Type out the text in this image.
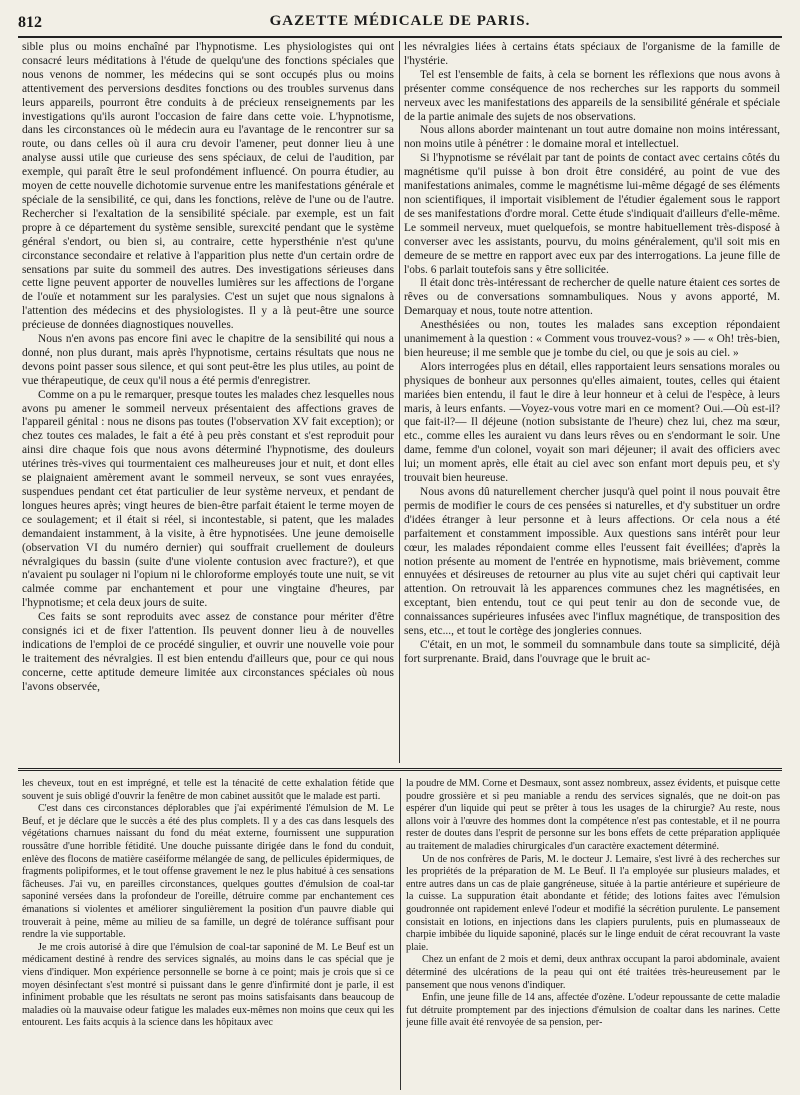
812	GAZETTE MÉDICALE DE PARIS.

sible plus ou moins enchaîné par l'hypnotisme. Les physiologistes qui ont consacré leurs méditations à l'étude de quelqu'une des fonctions spéciales que nous venons de nommer, les médecins qui se sont occupés plus ou moins attentivement des perversions desdites fonctions ou des troubles survenus dans leurs appareils, pourront être conduits à de précieux renseignements par les investigations qu'ils auront l'occasion de faire dans cette voie. L'hypnotisme, dans les circonstances où le médecin aura eu l'avantage de le rencontrer sur sa route, ou dans celles où il aura cru devoir l'amener, peut donner lieu à une analyse aussi utile que curieuse des sens spéciaux, de celui de l'audition, par exemple, qui paraît être le seul profondément influencé. On pourra étudier, au moyen de cette nouvelle dichotomie survenue entre les manifestations générale et spéciale de la sensibilité, ce qui, dans les fonctions, relève de l'une ou de l'autre. Rechercher si l'exaltation de la sensibilité spéciale. par exemple, est un fait propre à ce département du système sensible, surexcité pendant que le système général s'endort, ou bien si, au contraire, cette hypersthénie n'est qu'une circonstance secondaire et relative à l'apparition plus nette d'un certain ordre de sensations par suite du sommeil des autres. Des investigations sérieuses dans cette ligne peuvent apporter de nouvelles lumières sur les affections de l'organe de l'ouïe et notamment sur les paralysies. C'est un sujet que nous signalons à l'attention des médecins et des physiologistes. Il y a là peut-être une source précieuse de données diagnostiques nouvelles.

Nous n'en avons pas encore fini avec le chapitre de la sensibilité qui nous a donné, non plus durant, mais après l'hypnotisme, certains résultats que nous ne devons point passer sous silence, et qui sont peut-être les plus utiles, au point de vue thérapeutique, de ceux qu'il nous a été permis d'enregistrer.

Comme on a pu le remarquer, presque toutes les malades chez lesquelles nous avons pu amener le sommeil nerveux présentaient des affections graves de l'appareil génital : nous ne disons pas toutes (l'observation XV fait exception); or chez toutes ces malades, le fait a été à peu près constant et s'est reproduit pour ainsi dire chaque fois que nous avons déterminé l'hypnotisme, des douleurs utérines très-vives qui tourmentaient ces malheureuses jour et nuit, et dont elles se plaignaient amèrement avant le sommeil nerveux, se sont vues enrayées, suspendues pendant cet état particulier de leur système nerveux, et pendant de longues heures après; vingt heures de bien-être parfait étaient le terme moyen de ce soulagement; et il était si réel, si incontestable, si patent, que les malades demandaient instamment, à la visite, à être hypnotisées. Une jeune demoiselle (observation VI du numéro dernier) qui souffrait cruellement de douleurs névralgiques du bassin (suite d'une violente contusion avec fracture?), et que n'avaient pu soulager ni l'opium ni le chloroforme employés toute une nuit, se vit calmée comme par enchantement et pour une vingtaine d'heures, par l'hypnotisme; et cela deux jours de suite.

Ces faits se sont reproduits avec assez de constance pour mériter d'être consignés ici et de fixer l'attention. Ils peuvent donner lieu à de nouvelles indications de l'emploi de ce procédé singulier, et ouvrir une nouvelle voie pour le traitement des névralgies. Il est bien entendu d'ailleurs que, pour ce qui nous concerne, cette aptitude demeure limitée aux circonstances spéciales où nous l'avons observée,

les névralgies liées à certains états spéciaux de l'organisme de la famille de l'hystérie.

Tel est l'ensemble de faits, à cela se bornent les réflexions que nous avons à présenter comme conséquence de nos recherches sur les rapports du sommeil nerveux avec les manifestations des appareils de la sensibilité générale et spéciale de la partie animale des sujets de nos observations.

Nous allons aborder maintenant un tout autre domaine non moins intéressant, non moins utile à pénétrer : le domaine moral et intellectuel.

Si l'hypnotisme se révélait par tant de points de contact avec certains côtés du magnétisme qu'il puisse à bon droit être considéré, au point de vue des manifestations animales, comme le magnétisme lui-même dégagé de ses éléments non scientifiques, il importait visiblement de l'étudier également sous le rapport de ses manifestations d'ordre moral. Cette étude s'indiquait d'ailleurs d'elle-même. Le sommeil nerveux, muet quelquefois, se montre habituellement très-disposé à converser avec les assistants, pourvu, du moins généralement, qu'il soit mis en demeure de se mettre en rapport avec eux par des interrogations. La jeune fille de l'obs. 6 parlait toutefois sans y être sollicitée.

Il était donc très-intéressant de rechercher de quelle nature étaient ces sortes de rêves ou de conversations somnambuliques. Nous y avons apporté, M. Demarquay et nous, toute notre attention.

Anesthésiées ou non, toutes les malades sans exception répondaient unanimement à la question : « Comment vous trouvez-vous? » — « Oh! très-bien, bien heureuse; il me semble que je tombe du ciel, ou que je sois au ciel. »

Alors interrogées plus en détail, elles rapportaient leurs sensations morales ou physiques de bonheur aux personnes qu'elles aimaient, toutes, celles qui étaient mariées bien entendu, il faut le dire à leur honneur et à celui de l'espèce, à leurs maris, à leurs enfants. —Voyez-vous votre mari en ce moment? Oui.—Où est-il? que fait-il?— Il déjeune (notion subsistante de l'heure) chez lui, chez ma sœur, etc., comme elles les auraient vu dans leurs rêves ou en s'endormant le soir. Une dame, femme d'un colonel, voyait son mari déjeuner; il avait des officiers avec lui; un moment après, elle était au ciel avec son enfant mort depuis peu, et s'y trouvait bien heureuse.

Nous avons dû naturellement chercher jusqu'à quel point il nous pouvait être permis de modifier le cours de ces pensées si naturelles, et d'y substituer un ordre d'idées étranger à leur personne et à leurs affections. Or cela nous a été parfaitement et constamment impossible. Aux questions sans intérêt pour leur cœur, les malades répondaient comme elles l'eussent fait éveillées; d'après la notion présente au moment de l'entrée en hypnotisme, mais brièvement, comme ennuyées et désireuses de retourner au plus vite au sujet chéri qui captivait leur attention. On retrouvait là les apparences communes chez les magnétisées, en exceptant, bien entendu, tout ce qui peut tenir au don de seconde vue, de connaissances supérieures infusées avec l'influx magnétique, de transposition des sens, etc..., et tout le cortège des jongleries connues.

C'était, en un mot, le sommeil du somnambule dans toute sa simplicité, déjà fort surprenante. Braid, dans l'ouvrage que le bruit ac-

les cheveux, tout en est imprégné, et telle est la ténacité de cette exhalation fétide que souvent je suis obligé d'ouvrir la fenêtre de mon cabinet aussitôt que le malade est parti.

C'est dans ces circonstances déplorables que j'ai expérimenté l'émulsion de M. Le Beuf, et je déclare que le succès a été des plus complets. Il y a des cas dans lesquels des végétations charnues naissant du fond du méat externe, fournissent une suppuration roussâtre d'une horrible fétidité. Une douche puissante dirigée dans le fond du conduit, enlève des flocons de matière caséiforme mélangée de sang, de pellicules épidermiques, de fragments polipiformes, et le tout offense gravement le nez le plus habitué à ces sensations fâcheuses. J'ai vu, en pareilles circonstances, quelques gouttes d'émulsion de coal-tar saponiné versées dans la profondeur de l'oreille, détruire comme par enchantement ces émanations si violentes et améliorer singulièrement la position d'un pauvre diable qui trouverait à peine, même au milieu de sa famille, un degré de tolérance suffisant pour rendre la vie supportable.

Je me crois autorisé à dire que l'émulsion de coal-tar saponiné de M. Le Beuf est un médicament destiné à rendre des services signalés, au moins dans le cas spécial que je viens d'indiquer. Mon expérience personnelle se borne à ce point; mais je crois que si ce moyen désinfectant s'est montré si puissant dans le genre d'infirmité dont je parle, il est infiniment probable que les résultats ne seront pas moins satisfaisants dans beaucoup de maladies où la mauvaise odeur fatigue les malades eux-mêmes non moins que ceux qui les entourent. Les faits acquis à la science dans les hôpitaux avec

la poudre de MM. Corne et Desmaux, sont assez nombreux, assez évidents, et puisque cette poudre grossière et si peu maniable a rendu des services signalés, que ne doit-on pas espérer d'un liquide qui peut se prêter à tous les usages de la chirurgie? Au reste, nous allons voir à l'œuvre des hommes dont la compétence n'est pas contestable, et il ne pourra rester de doutes dans l'esprit de personne sur les bons effets de cette préparation appliquée au traitement de maladies chirurgicales d'un caractère exactement déterminé.

Un de nos confrères de Paris, M. le docteur J. Lemaire, s'est livré à des recherches sur les propriétés de la préparation de M. Le Beuf. Il l'a employée sur plusieurs malades, et entre autres dans un cas de plaie gangréneuse, située à la partie antérieure et supérieure de la cuisse. La suppuration était abondante et fétide; des lotions faites avec l'émulsion goudronnée ont rapidement enlevé l'odeur et modifié la sécrétion purulente. Le pansement consistait en lotions, en injections dans les clapiers purulents, puis en plumasseaux de charpie imbibée du liquide saponiné, placés sur le linge enduit de cérat recouvrant la vaste plaie.

Chez un enfant de 2 mois et demi, deux anthrax occupant la paroi abdominale, avaient déterminé des ulcérations de la peau qui ont été traitées très-heureusement par le pansement que nous venons d'indiquer.

Enfin, une jeune fille de 14 ans, affectée d'ozène. L'odeur repoussante de cette maladie fut détruite promptement par des injections d'émulsion de coaltar dans les narines. Cette jeune fille avait été renvoyée de sa pension, per-
